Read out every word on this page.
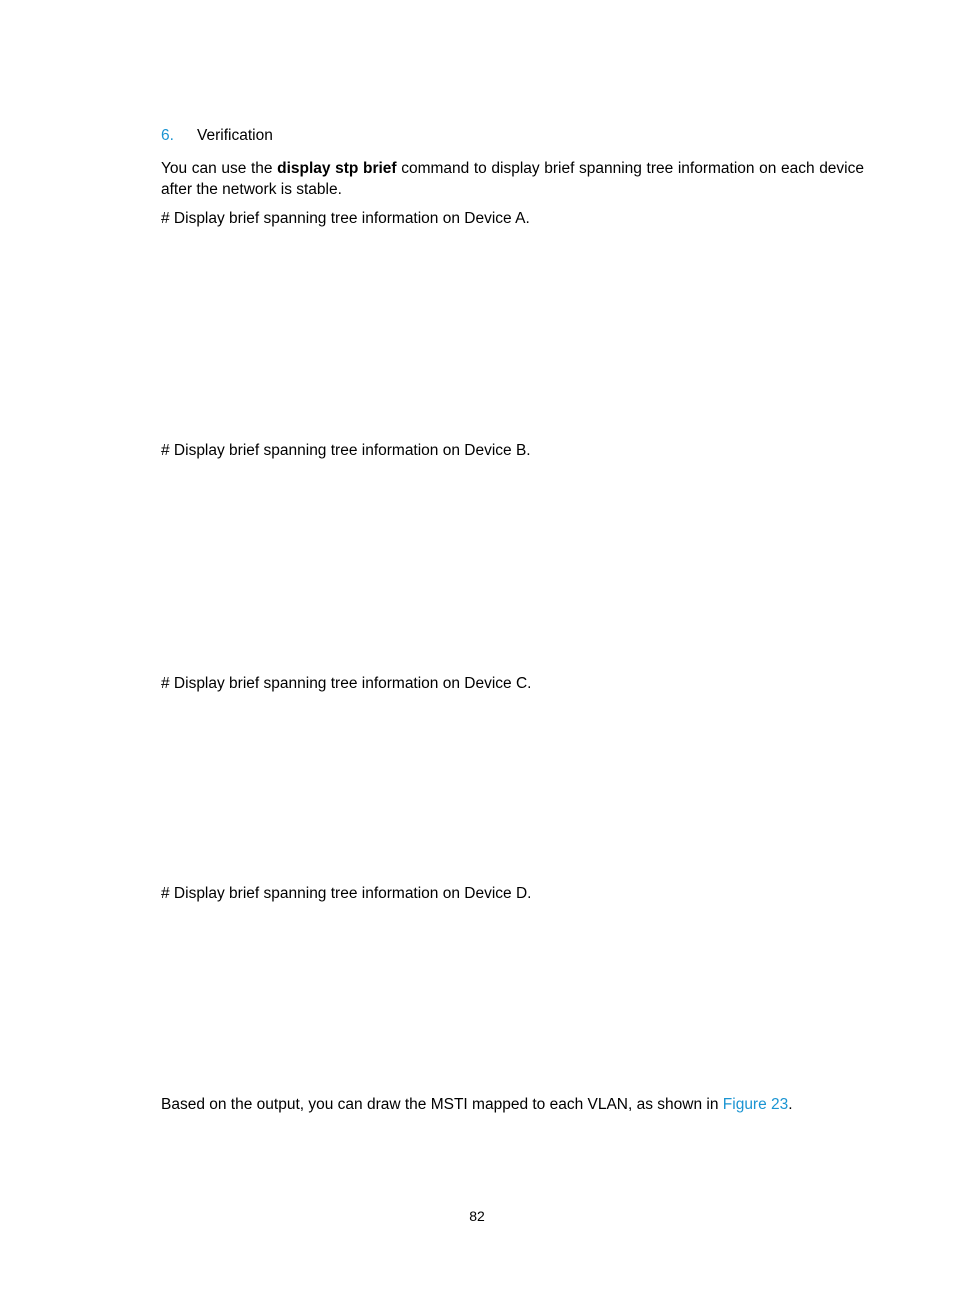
6. Verification

You can use the display stp brief command to display brief spanning tree information on each device after the network is stable.

# Display brief spanning tree information on Device A.
# Display brief spanning tree information on Device B.
# Display brief spanning tree information on Device C.
# Display brief spanning tree information on Device D.
Based on the output, you can draw the MSTI mapped to each VLAN, as shown in Figure 23.
82
